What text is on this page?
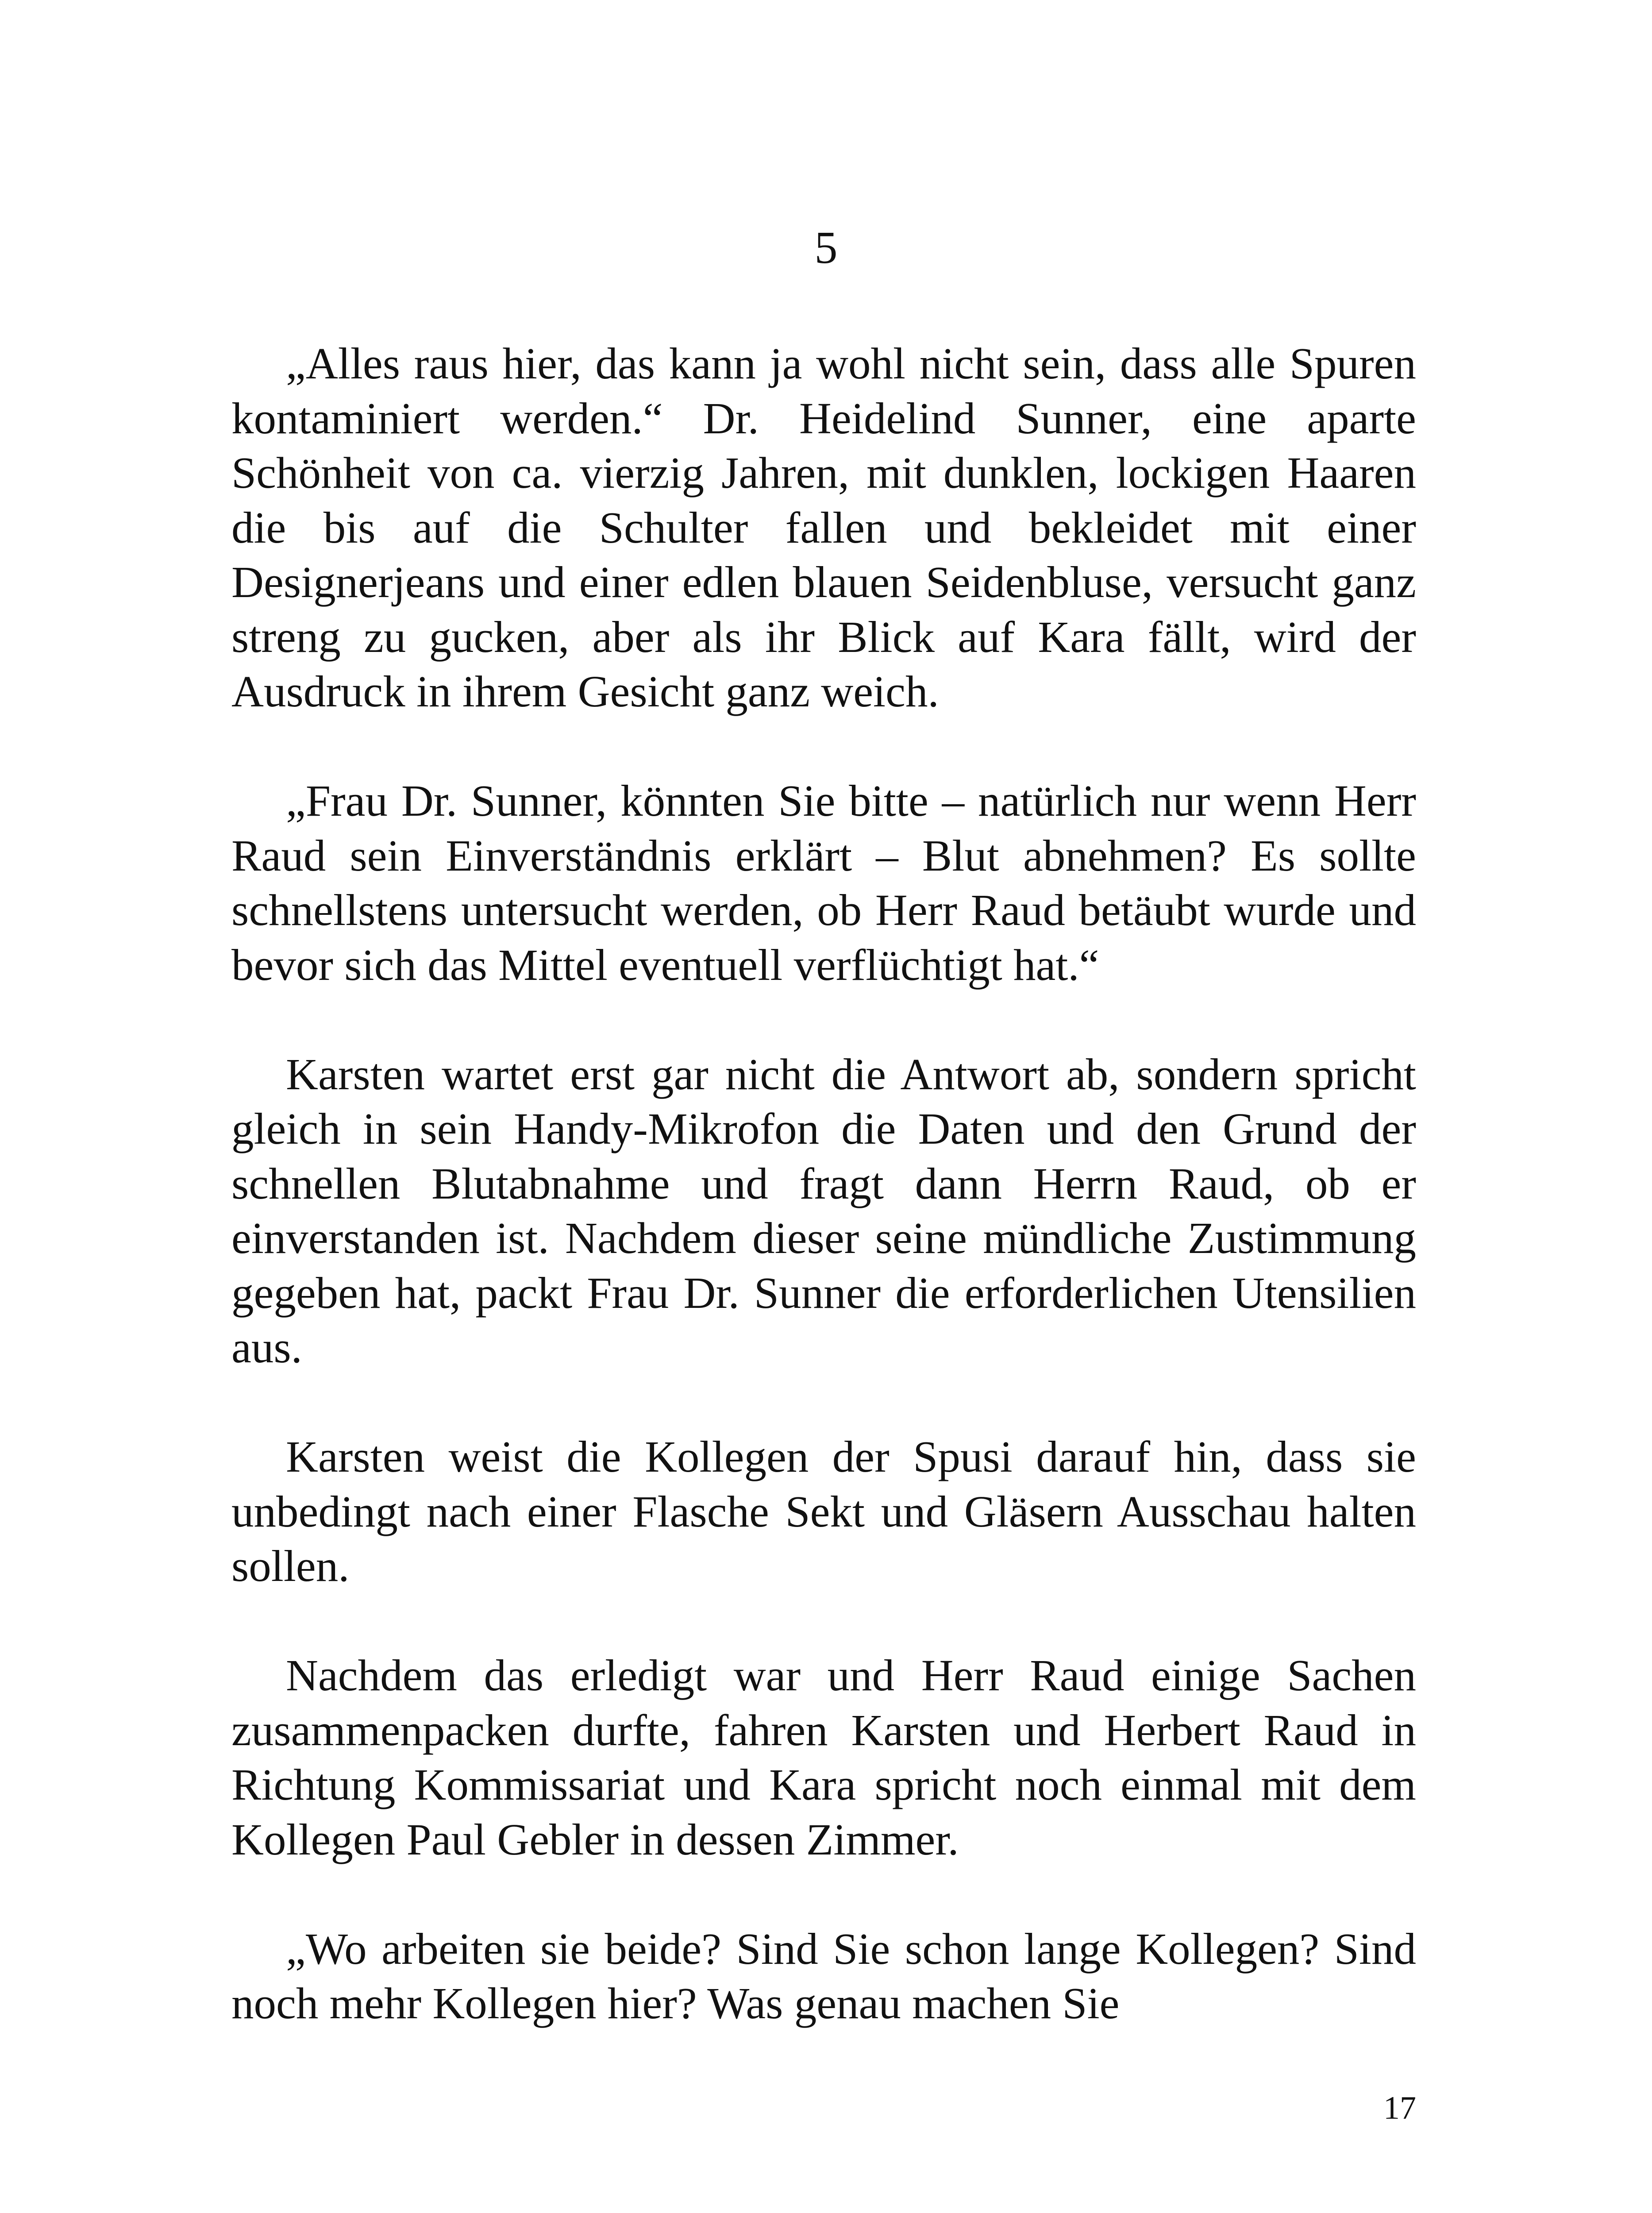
5

„Alles raus hier, das kann ja wohl nicht sein, dass alle Spuren kontaminiert werden.“ Dr. Heidelind Sunner, eine aparte Schönheit von ca. vierzig Jahren, mit dunklen, lockigen Haaren die bis auf die Schulter fallen und bekleidet mit einer Designerjeans und einer edlen blauen Seidenbluse, versucht ganz streng zu gucken, aber als ihr Blick auf Kara fällt, wird der Ausdruck in ihrem Gesicht ganz weich.

„Frau Dr. Sunner, könnten Sie bitte – natürlich nur wenn Herr Raud sein Einverständnis erklärt – Blut abnehmen? Es sollte schnellstens untersucht werden, ob Herr Raud betäubt wurde und bevor sich das Mittel eventuell verflüchtigt hat.“

Karsten wartet erst gar nicht die Antwort ab, sondern spricht gleich in sein Handy-Mikrofon die Daten und den Grund der schnellen Blutabnahme und fragt dann Herrn Raud, ob er einverstanden ist. Nachdem dieser seine mündliche Zustimmung gegeben hat, packt Frau Dr. Sunner die erforderlichen Utensilien aus.

Karsten weist die Kollegen der Spusi darauf hin, dass sie unbedingt nach einer Flasche Sekt und Gläsern Ausschau halten sollen.

Nachdem das erledigt war und Herr Raud einige Sachen zusammenpacken durfte, fahren Karsten und Herbert Raud in Richtung Kommissariat und Kara spricht noch einmal mit dem Kollegen Paul Gebler in dessen Zimmer.

„Wo arbeiten sie beide? Sind Sie schon lange Kollegen? Sind noch mehr Kollegen hier? Was genau machen Sie

17
